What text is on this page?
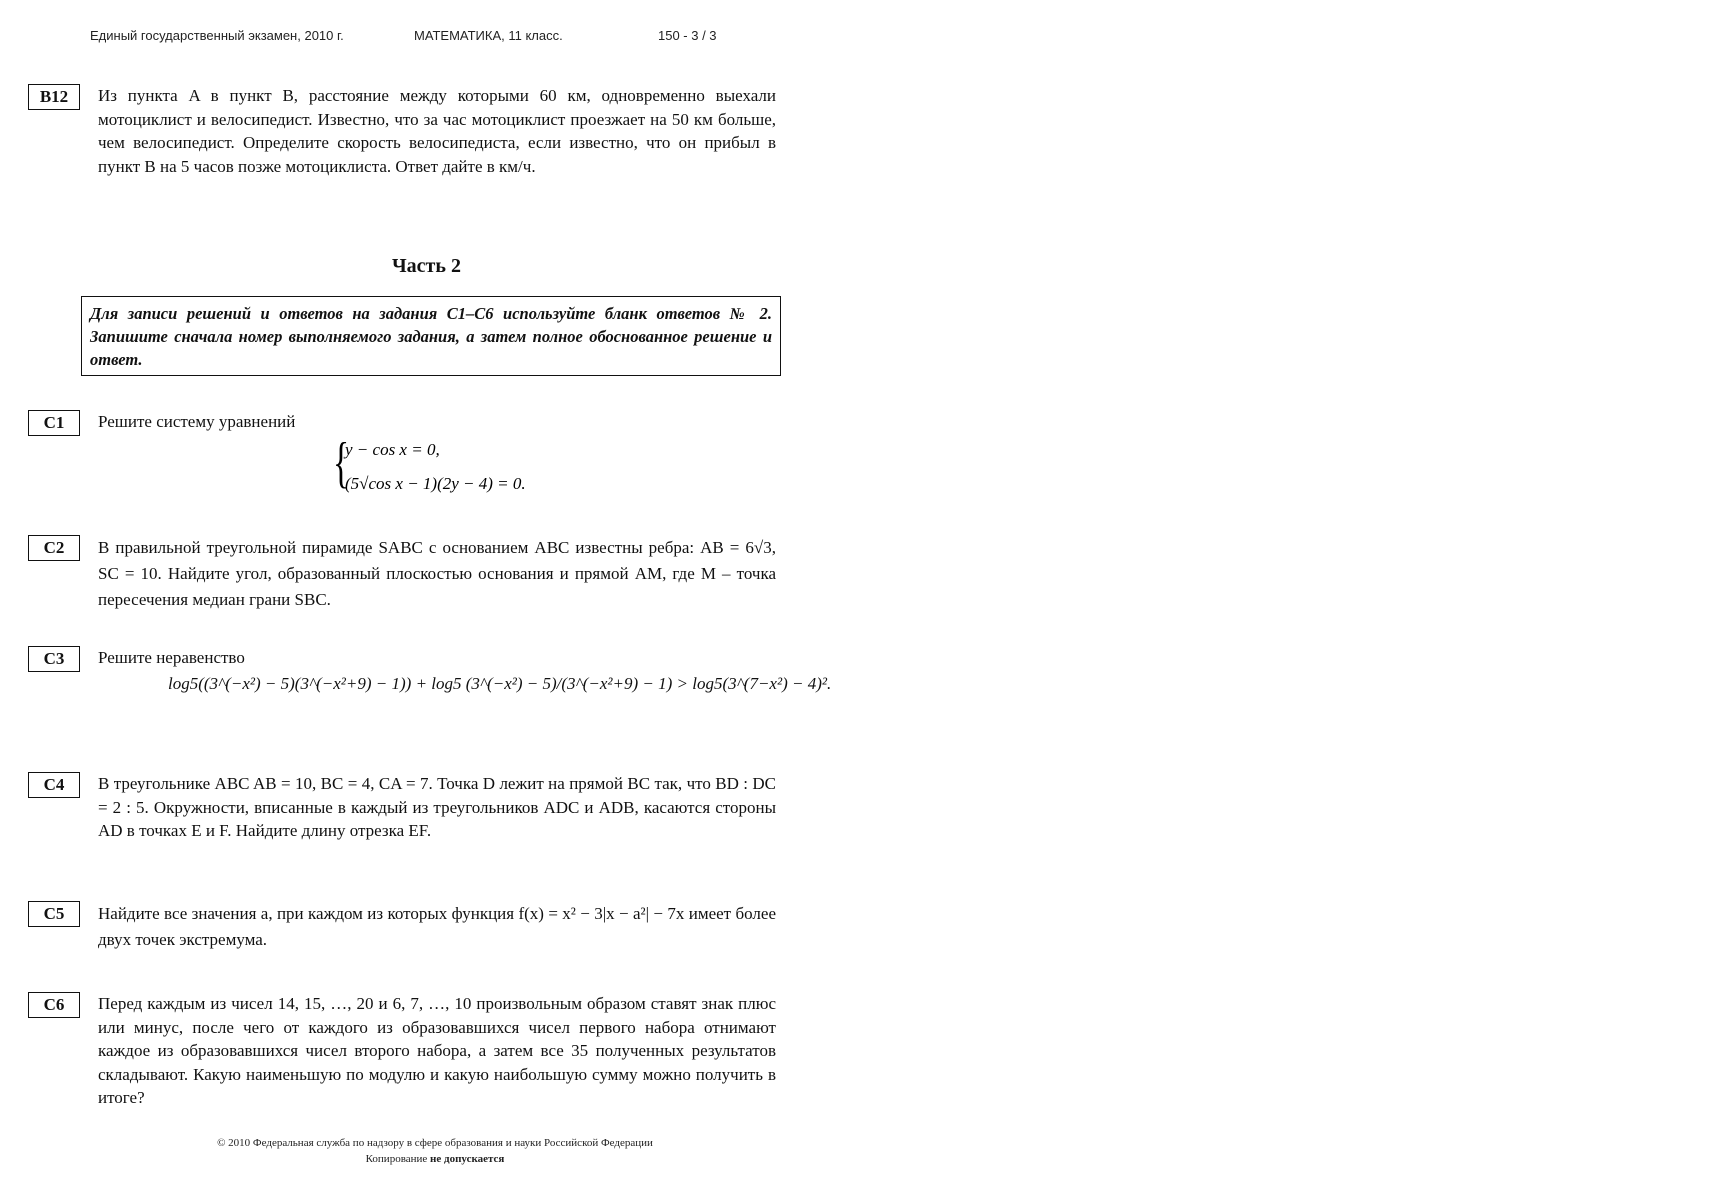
Единый государственный экзамен, 2010 г.	МАТЕМАТИКА, 11 класс.	150 - 3 / 3
B12	Из пункта A в пункт B, расстояние между которыми 60 км, одновременно выехали мотоциклист и велосипедист. Известно, что за час мотоциклист проезжает на 50 км больше, чем велосипедист. Определите скорость велосипедиста, если известно, что он прибыл в пункт B на 5 часов позже мотоциклиста. Ответ дайте в км/ч.
Часть 2
Для записи решений и ответов на задания С1–С6 используйте бланк ответов № 2. Запишите сначала номер выполняемого задания, а затем полное обоснованное решение и ответ.
C1	Решите систему уравнений
{
y − cos x = 0,
(5√cos x − 1)(2y − 4) = 0.
C2	В правильной треугольной пирамиде SABC с основанием ABC известны ребра: AB = 6√3, SC = 10. Найдите угол, образованный плоскостью основания и прямой AM, где M – точка пересечения медиан грани SBC.
C3	Решите неравенство
log5((3^(−x²) − 5)(3^(−x²+9) − 1)) + log5 (3^(−x²) − 5)/(3^(−x²+9) − 1) > log5(3^(7−x²) − 4)².
C4	В треугольнике ABC AB = 10, BC = 4, CA = 7. Точка D лежит на прямой BC так, что BD : DC = 2 : 5. Окружности, вписанные в каждый из треугольников ADC и ADB, касаются стороны AD в точках E и F. Найдите длину отрезка EF.
C5	Найдите все значения a, при каждом из которых функция f(x) = x² − 3|x − a²| − 7x имеет более двух точек экстремума.
C6	Перед каждым из чисел 14, 15, …, 20 и 6, 7, …, 10 произвольным образом ставят знак плюс или минус, после чего от каждого из образовавшихся чисел первого набора отнимают каждое из образовавшихся чисел второго набора, а затем все 35 полученных результатов складывают. Какую наименьшую по модулю и какую наибольшую сумму можно получить в итоге?
© 2010 Федеральная служба по надзору в сфере образования и науки Российской Федерации
Копирование не допускается
